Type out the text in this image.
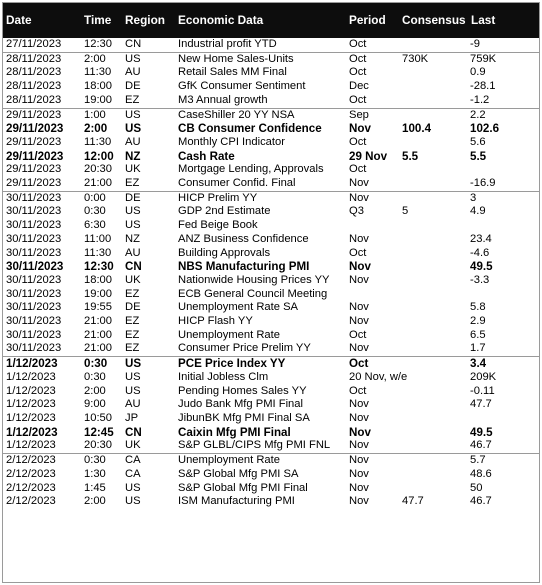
Date	Time	Region	Economic Data	Period	Consensus	Last
27/11/2023	12:30	CN	Industrial profit YTD	Oct		-9
28/11/2023	2:00	US	New Home Sales-Units	Oct	730K	759K
28/11/2023	11:30	AU	Retail Sales MM Final	Oct		0.9
28/11/2023	18:00	DE	GfK Consumer Sentiment	Dec		-28.1
28/11/2023	19:00	EZ	M3 Annual growth	Oct		-1.2
29/11/2023	1:00	US	CaseShiller 20 YY NSA	Sep		2.2
29/11/2023	2:00	US	CB Consumer Confidence	Nov	100.4	102.6
29/11/2023	11:30	AU	Monthly CPI Indicator	Oct		5.6
29/11/2023	12:00	NZ	Cash Rate	29 Nov	5.5	5.5
29/11/2023	20:30	UK	Mortgage Lending, Approvals	Oct		
29/11/2023	21:00	EZ	Consumer Confid. Final	Nov		-16.9
30/11/2023	0:00	DE	HICP Prelim YY	Nov		3
30/11/2023	0:30	US	GDP 2nd Estimate	Q3	5	4.9
30/11/2023	6:30	US	Fed Beige Book			
30/11/2023	11:00	NZ	ANZ Business Confidence	Nov		23.4
30/11/2023	11:30	AU	Building Approvals	Oct		-4.6
30/11/2023	12:30	CN	NBS Manufacturing PMI	Nov		49.5
30/11/2023	18:00	UK	Nationwide Housing Prices YY	Nov		-3.3
30/11/2023	19:00	EZ	ECB General Council Meeting			
30/11/2023	19:55	DE	Unemployment Rate SA	Nov		5.8
30/11/2023	21:00	EZ	HICP Flash YY	Nov		2.9
30/11/2023	21:00	EZ	Unemployment Rate	Oct		6.5
30/11/2023	21:00	EZ	Consumer Price Prelim YY	Nov		1.7
1/12/2023	0:30	US	PCE Price Index YY	Oct		3.4
1/12/2023	0:30	US	Initial Jobless Clm	20 Nov, w/e		209K
1/12/2023	2:00	US	Pending Homes Sales YY	Oct		-0.11
1/12/2023	9:00	AU	Judo Bank Mfg PMI Final	Nov		47.7
1/12/2023	10:50	JP	JibunBK Mfg PMI Final SA	Nov		
1/12/2023	12:45	CN	Caixin Mfg PMI Final	Nov		49.5
1/12/2023	20:30	UK	S&P GLBL/CIPS Mfg PMI FNL	Nov		46.7
2/12/2023	0:30	CA	Unemployment Rate	Nov		5.7
2/12/2023	1:30	CA	S&P Global Mfg PMI SA	Nov		48.6
2/12/2023	1:45	US	S&P Global Mfg PMI Final	Nov		50
2/12/2023	2:00	US	ISM Manufacturing PMI	Nov	47.7	46.7
